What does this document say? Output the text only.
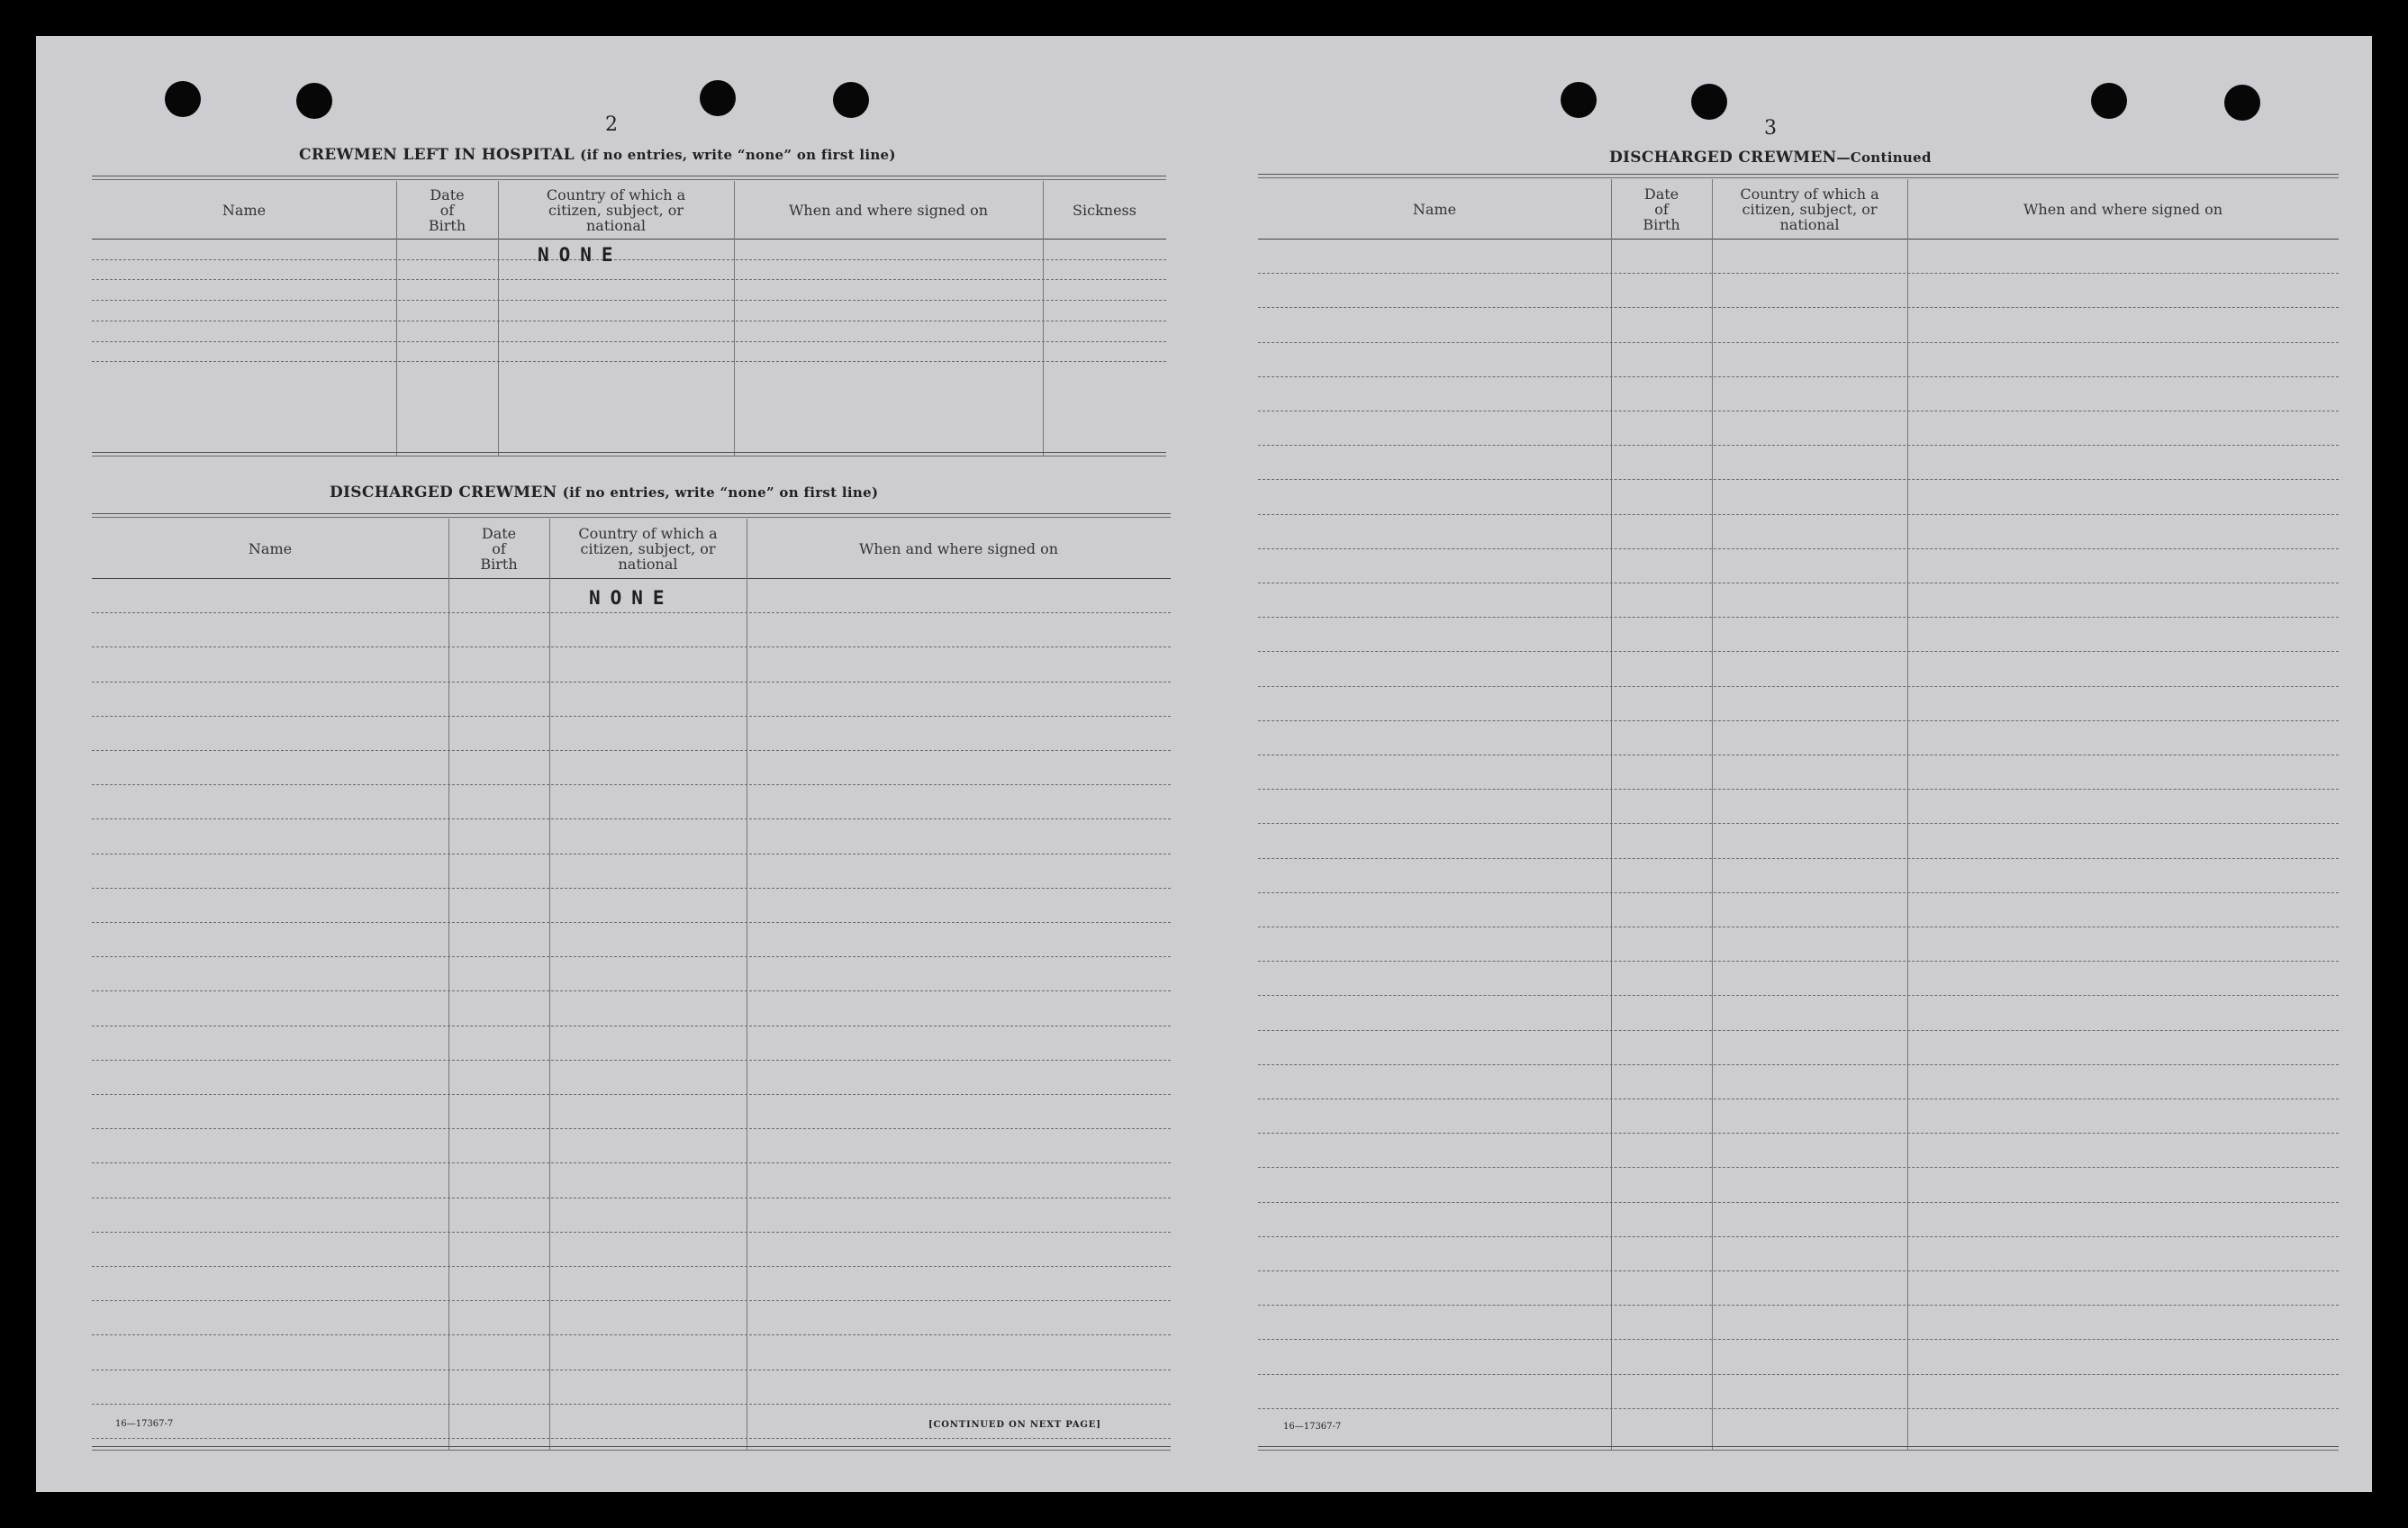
2
CREWMEN LEFT IN HOSPITAL (if no entries, write “none” on first line)
Name
Date
of
Birth
Country of which a
citizen, subject, or
national
When and where signed on	Sickness
NONE
DISCHARGED CREWMEN (if no entries, write “none” on first line)
Name
Date
of
Birth
Country of which a
citizen, subject, or
national
When and where signed on
NONE
16—17367-7	[CONTINUED ON NEXT PAGE]
3
DISCHARGED CREWMEN—Continued
Name
Date
of
Birth
Country of which a
citizen, subject, or
national
When and where signed on
16—17367-7
